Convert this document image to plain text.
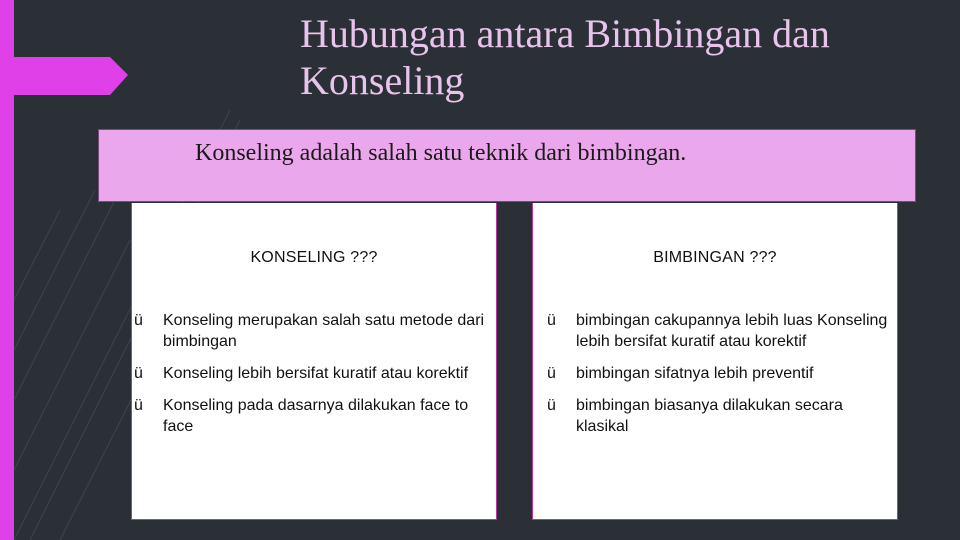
Hubungan antara Bimbingan dan Konseling
Konseling adalah salah satu teknik dari bimbingan.
KONSELING ???
ü Konseling merupakan salah satu metode dari bimbingan
ü Konseling lebih bersifat kuratif atau korektif
ü Konseling pada dasarnya dilakukan face to face
BIMBINGAN ???
ü bimbingan cakupannya lebih luas Konseling lebih bersifat kuratif atau korektif
ü bimbingan sifatnya lebih preventif
ü bimbingan biasanya dilakukan secara klasikal
